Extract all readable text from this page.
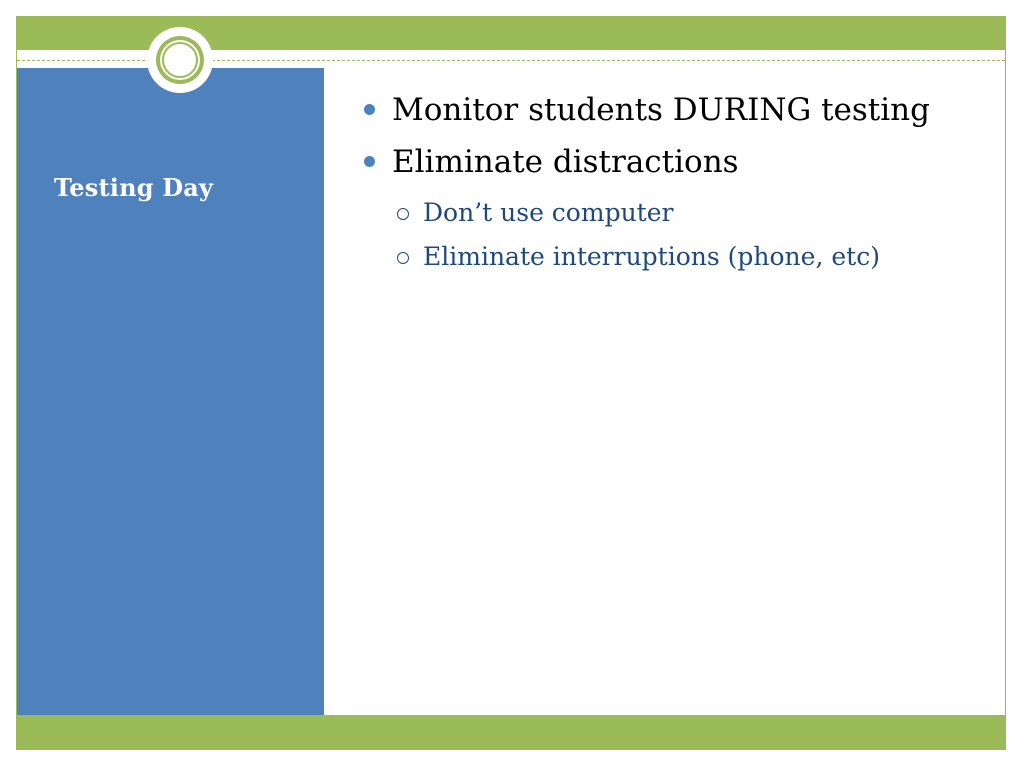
Testing Day
Monitor students DURING testing
Eliminate distractions
Don’t use computer
Eliminate interruptions (phone, etc)
